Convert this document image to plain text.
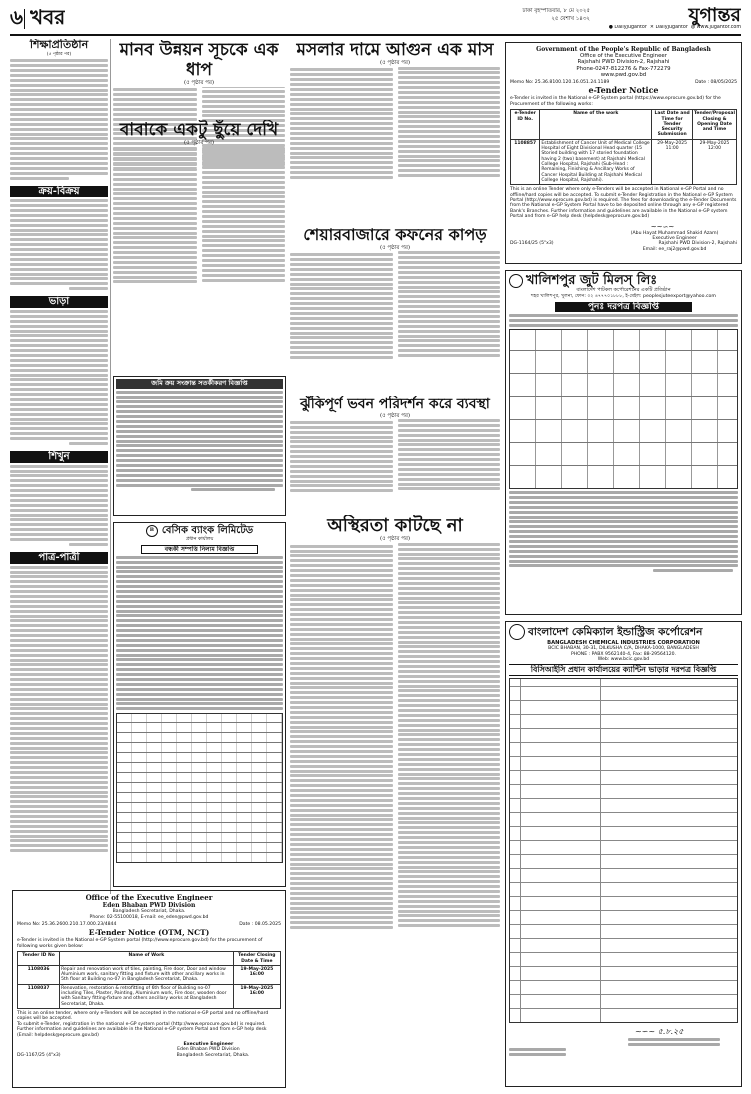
৬ খবর	ঢাকা বৃহস্পতিবার, ৮ মে ২০২৫
২৫ বৈশাখ ১৪৩২	যুগান্তর
● DailyJugantor ✕ DailyJugantor ◍ www.jugantor.com
শিক্ষাপ্রতিষ্ঠান
(৫ পৃষ্ঠার পর)
ক্রয়-বিক্রয়
ভাড়া
শিখুন
পাত্র-পাত্রী
মানব উন্নয়ন সূচকে এক ধাপ
(৫ পৃষ্ঠার পর)
বাবাকে একটু ছুঁয়ে দেখি
(৫ পৃষ্ঠার পর)
জমি ক্রয় সংক্রান্ত সতর্কীকরণ বিজ্ঞপ্তি
B বেসিক ব্যাংক লিমিটেড
প্রধান কার্যালয়
বন্ধকী সম্পত্তি নিলাম বিজ্ঞপ্তি
মসলার দামে আগুন এক মাস
(৫ পৃষ্ঠার পর)
শেয়ারবাজারে কফনের কাপড়
(৫ পৃষ্ঠার পর)
ঝুঁকিপূর্ণ ভবন পরিদর্শন করে ব্যবস্থা
(৫ পৃষ্ঠার পর)
অস্থিরতা কাটছে না
(৫ পৃষ্ঠার পর)
Office of the Executive Engineer
Eden Bhaban PWD Division
Bangladesh Secretariat, Dhaka.
Phone: 02-55100018, E-mail: ee_eden@pwd.gov.bd
Memo No: 25.36.2600.210.17.000.23/4844	Date : 08.05.2025
E-Tender Notice (OTM, NCT)
e-Tender is invited in the National e-GP System portal (http://www.eprocure.gov.bd) for the procurement of following works given below:
Tender ID No	Name of Work	Tender Closing Date & Time
1108036	Repair and renovation work of tiles, painting, Fire door, Door and window Aluminium work, sanitary fitting and fixture with other ancillary works in 5th floor at Building no-07 in Bangladesh Secretariat, Dhaka.	19-May-2025 16:00
1108037	Renovation, restoration & retrofitting of 6th floor of Building no-07 including Tiles, Plaster, Painting, Aluminium work, Fire door, wooden door with Sanitary fitting-fixture and others ancillary works at Bangladesh Secretariat, Dhaka.	19-May-2025 16:00
This is an online tender, where only e-Tenders will be accepted in the national e-GP portal and no offline/hard copies will be accepted.
To submit e-Tender, registration in the national e-GP system portal (http://www.eprocure.gov.bd) is required. Further information and guidelines are available in the National e-GP system Portal and from e-GP help desk (Email: helpdesk@eprocure.gov.bd)
Executive Engineer
Eden Bhaban PWD Division
DG-1167/25 (4"x3)	Bangladesh Secretariat, Dhaka.
Government of the People's Republic of Bangladesh
Office of the Executive Engineer
Rajshahi PWD Division-2, Rajshahi
Phone-0247-812276 & Fax-772279
www.pwd.gov.bd
Memo No: 25.36.8100.120.16.051.24.1189	Date : 08/05/2025
e-Tender Notice
e-Tender is invited in the National e-GP System portal (https://www.eprocure.gov.bd) for the Procurement of the following works:
e-Tender ID No.	Name of the work	Last Date and Time for Tender Security Submission	Tender/Proposal Closing & Opening Date and Time
1108857	Establishment of Cancer Unit of Medical College Hospital of Eight Divisional Head quarter (15 Storied building with 17 storied foundation having 2 (two) basement) at Rajshahi Medical College Hospital, Rajshahi (Sub-Head : Remaining, Finishing & Ancillary Works of Cancer Hospital Building at Rajshahi Medical College Hospital, Rajshahi).	29-May-2025 11:00	29-May-2025 12:00
This is an online Tender where only e-Tenders will be accepted in National e-GP Portal and no offline/hard copies will be accepted. To submit e-Tender Registration in the National e-GP System Portal (http://www.eprocure.gov.bd) is required. The fees for downloading the e-Tender Documents from the National e-GP System Portal have to be deposited online through any e-GP registered Bank's Branches. Further information and guidelines are available in the National e-GP system Portal and from e-GP help desk (helpdesk@eprocure.gov.bd)
~~∽~
(Abu Hayat Muhammad Shakid Azam)
Executive Engineer
DG-1164/25 (5"x3)	Rajshahi PWD Division-2, Rajshahi
Email: ee_raj2@pwd.gov.bd
খালিশপুর জুট মিলস্ লিঃ
বাংলাদেশ পাটকল কর্পোরেশনের একটি প্রতিষ্ঠান
শহর খালিশপুর, খুলনা, ফোন: ০২ ৪৭৭৭০১৮৮৮, ই-মেইল: peoplesjuteexport@yahoo.com
পুনঃ দরপত্র বিজ্ঞপ্তি
বাংলাদেশ কেমিক্যাল ইন্ডাস্ট্রিজ কর্পোরেশন
BANGLADESH CHEMICAL INDUSTRIES CORPORATION
BCIC BHABAN, 30-31, DILKUSHA C/A, DHAKA-1000, BANGLADESH
PHONE : PABX 9562140-4, Fax: 88-29564120.
Web: www.bcic.gov.bd
বিসিআইসি প্রধান কার্যালয়ের ক্যান্টিন ভাড়ার দরপত্র বিজ্ঞপ্তি
~∽~ ৫.৮.২৫
